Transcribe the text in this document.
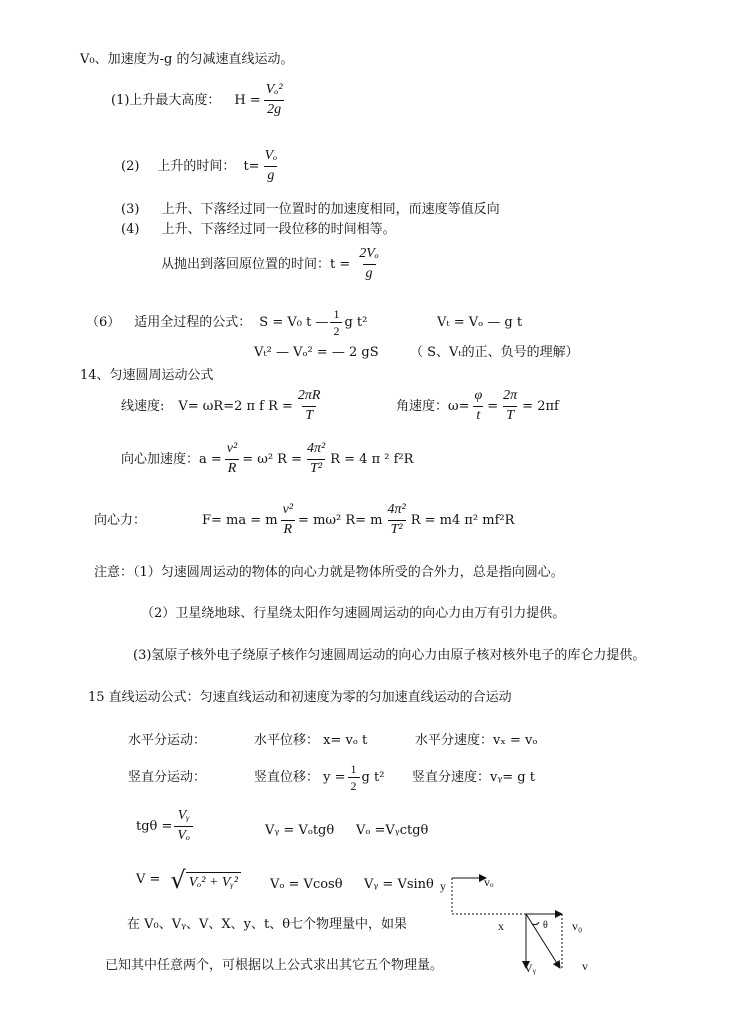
V₀、加速度为-g 的匀减速直线运动。
(1)上升最大高度： $H = \frac{\text{Vₒ²}}{2g}$
(2) 上升的时间： $t= \frac{\text{Vₒ}}{g}$
(3) 上升、下落经过同一位置时的加速度相同，而速度等值反向
(4) 上升、下落经过同一段位移的时间相等。
从抛出到落回原位置的时间：$t = \frac{\text{2Vₒ}}{g}$
（6） 适用全过程的公式： S = V₀ t — $\frac{1}{2}$ g t²	Vₜ = Vₒ — g t
Vₜ² — Vₒ² = — 2 gS （ S、Vₜ的正、负号的理解）
14、匀速圆周运动公式
线速度: V= ωR=2 π f $R = \frac{2\pi R}{T}$	角速度：$\omega= \frac{\varphi}{t} = \frac{2\pi}{T} = 2\pi f$
向心加速度：$a = \frac{\text{v²}}{R} = \omega^2$ $R = \frac{\text{4π²}}{\text{T²}}$ R = 4 π ² f²R
向心力：	F= ma = m $\frac{\text{v²}}{R} = m\omega^2$ R= m $\frac{\text{4π²}}{\text{T²}}$ R = m4 π² mf²R
注意：（1）匀速圆周运动的物体的向心力就是物体所受的合外力，总是指向圆心。
（2）卫星绕地球、行星绕太阳作匀速圆周运动的向心力由万有引力提供。
(3)氢原子核外电子绕原子核作匀速圆周运动的向心力由原子核对核外电子的库仑力提供。
15 直线运动公式：匀速直线运动和初速度为零的匀加速直线运动的合运动
水平分运动：	水平位移： x= vₒ t	水平分速度：vₓ = vₒ
竖直分运动：	竖直位移： $y = \frac{1}{2}$ g t² 竖直分速度：vᵧ= g t
$tg\theta = \frac{\text{Vᵧ}}{\text{Vₒ}}$	Vᵧ = Vₒtgθ Vₒ =Vᵧctgθ
V = √ Vₒ² + Vᵧ² Vₒ = Vcosθ Vᵧ = Vsinθ
在 V₀、Vᵧ、V、X、y、t、θ七个物理量中，如果
已知其中任意两个，可根据以上公式求出其它五个物理量。
y	vₒ
x	θ v₀
Vᵧ	v
